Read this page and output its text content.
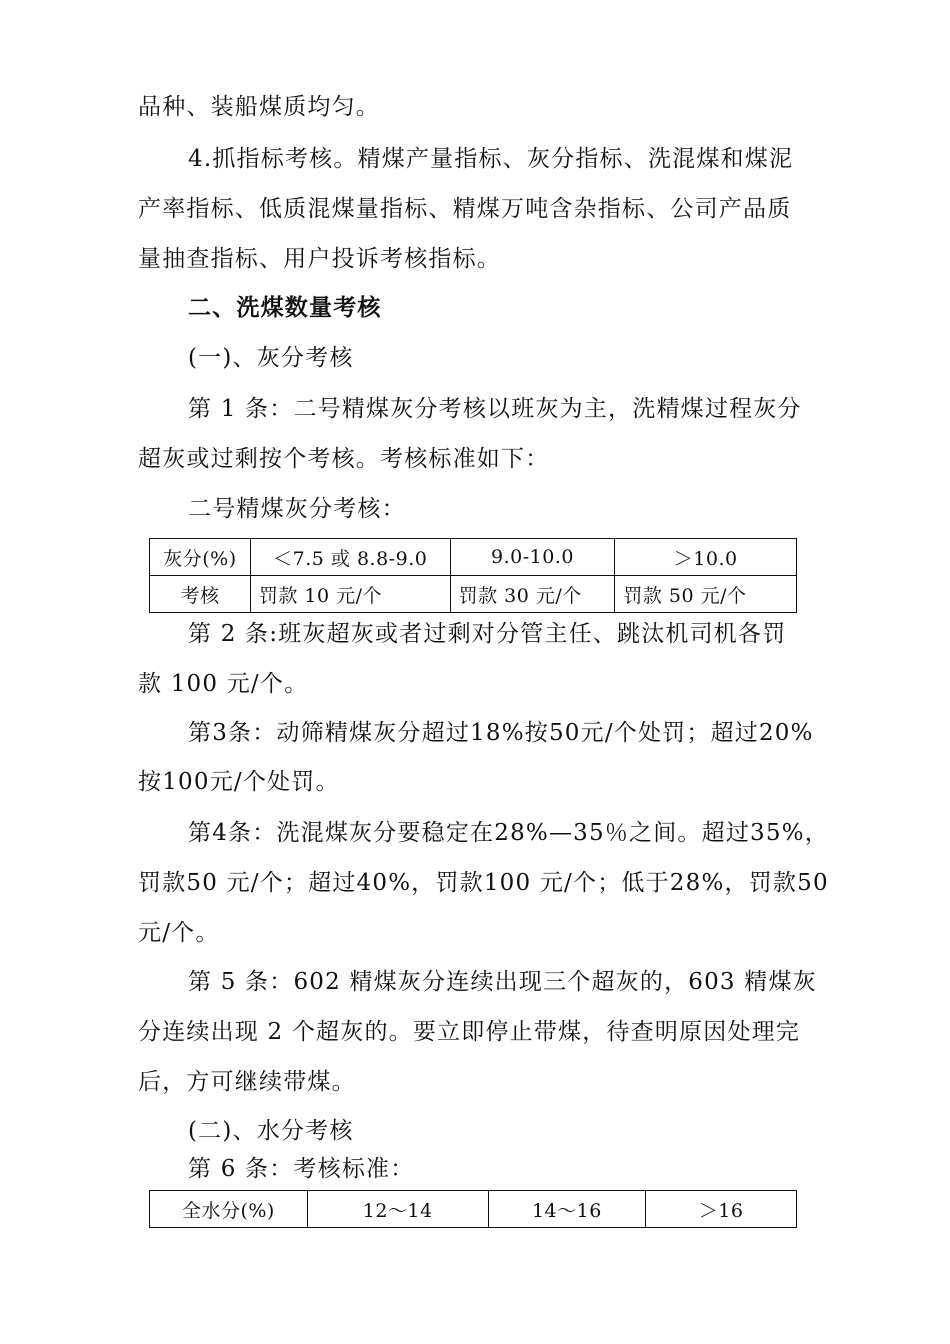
品种、装船煤质均匀。
4.抓指标考核。精煤产量指标、灰分指标、洗混煤和煤泥
产率指标、低质混煤量指标、精煤万吨含杂指标、公司产品质
量抽查指标、用户投诉考核指标。
二、洗煤数量考核
(一)、灰分考核
第 1 条：二号精煤灰分考核以班灰为主，洗精煤过程灰分
超灰或过剩按个考核。考核标准如下：
二号精煤灰分考核：
灰分(%)	＜7.5 或 8.8-9.0	9.0-10.0	＞10.0
考核	罚款 10 元/个	罚款 30 元/个	罚款 50 元/个
第 2 条:班灰超灰或者过剩对分管主任、跳汰机司机各罚
款 100 元/个。
第3条：动筛精煤灰分超过18%按50元/个处罚；超过20%
按100元/个处罚。
第4条：洗混煤灰分要稳定在28%—35％之间。超过35%，
罚款50 元/个；超过40%，罚款100 元/个；低于28%，罚款50
元/个。
第 5 条：602 精煤灰分连续出现三个超灰的，603 精煤灰
分连续出现 2 个超灰的。要立即停止带煤，待查明原因处理完
后，方可继续带煤。
(二)、水分考核
第 6 条：考核标准：
全水分(%)	12～14	14～16	＞16
